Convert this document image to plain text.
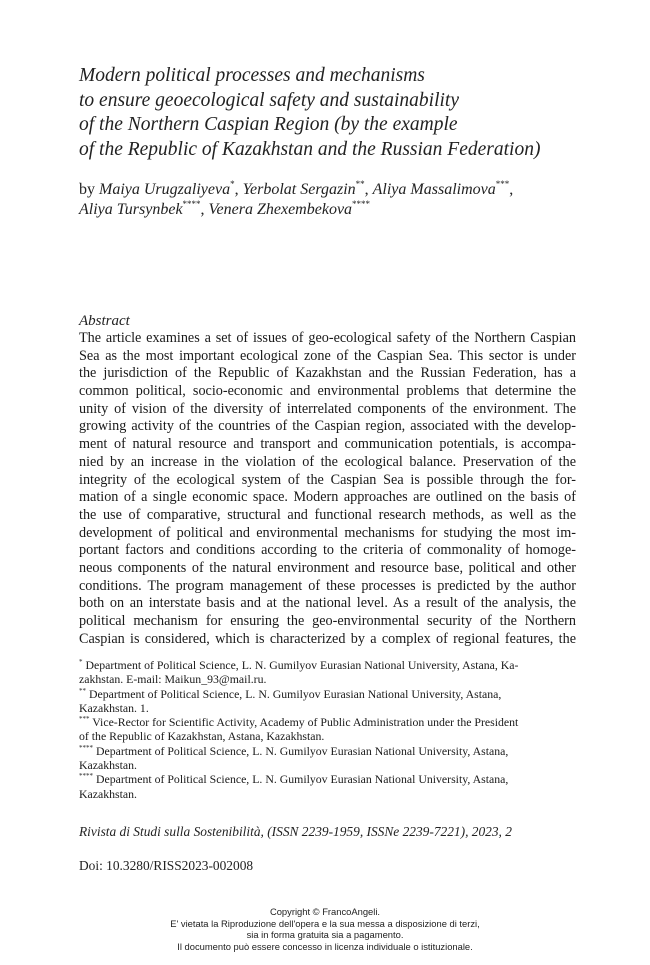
Modern political processes and mechanisms
to ensure geoecological safety and sustainability
of the Northern Caspian Region (by the example
of the Republic of Kazakhstan and the Russian Federation)
by Maiya Urugzaliyeva*, Yerbolat Sergazin**, Aliya Massalimova***,
Aliya Tursynbek****, Venera Zhexembekova****
Abstract
The article examines a set of issues of geo-ecological safety of the Northern Caspian
Sea as the most important ecological zone of the Caspian Sea. This sector is under
the jurisdiction of the Republic of Kazakhstan and the Russian Federation, has a
common political, socio-economic and environmental problems that determine the
unity of vision of the diversity of interrelated components of the environment. The
growing activity of the countries of the Caspian region, associated with the develop-
ment of natural resource and transport and communication potentials, is accompa-
nied by an increase in the violation of the ecological balance. Preservation of the
integrity of the ecological system of the Caspian Sea is possible through the for-
mation of a single economic space. Modern approaches are outlined on the basis of
the use of comparative, structural and functional research methods, as well as the
development of political and environmental mechanisms for studying the most im-
portant factors and conditions according to the criteria of commonality of homoge-
neous components of the natural environment and resource base, political and other
conditions. The program management of these processes is predicted by the author
both on an interstate basis and at the national level. As a result of the analysis, the
political mechanism for ensuring the geo-environmental security of the Northern
Caspian is considered, which is characterized by a complex of regional features, the
* Department of Political Science, L. N. Gumilyov Eurasian National University, Astana, Ka-
zakhstan. E-mail: Maikun_93@mail.ru.
** Department of Political Science, L. N. Gumilyov Eurasian National University, Astana,
Kazakhstan. 1.
*** Vice-Rector for Scientific Activity, Academy of Public Administration under the President
of the Republic of Kazakhstan, Astana, Kazakhstan.
**** Department of Political Science, L. N. Gumilyov Eurasian National University, Astana,
Kazakhstan.
**** Department of Political Science, L. N. Gumilyov Eurasian National University, Astana,
Kazakhstan.
Rivista di Studi sulla Sostenibilità, (ISSN 2239-1959, ISSNe 2239-7221), 2023, 2
Doi: 10.3280/RISS2023-002008
Copyright © FrancoAngeli.
E' vietata la Riproduzione dell'opera e la sua messa a disposizione di terzi,
sia in forma gratuita sia a pagamento.
Il documento può essere concesso in licenza individuale o istituzionale.
